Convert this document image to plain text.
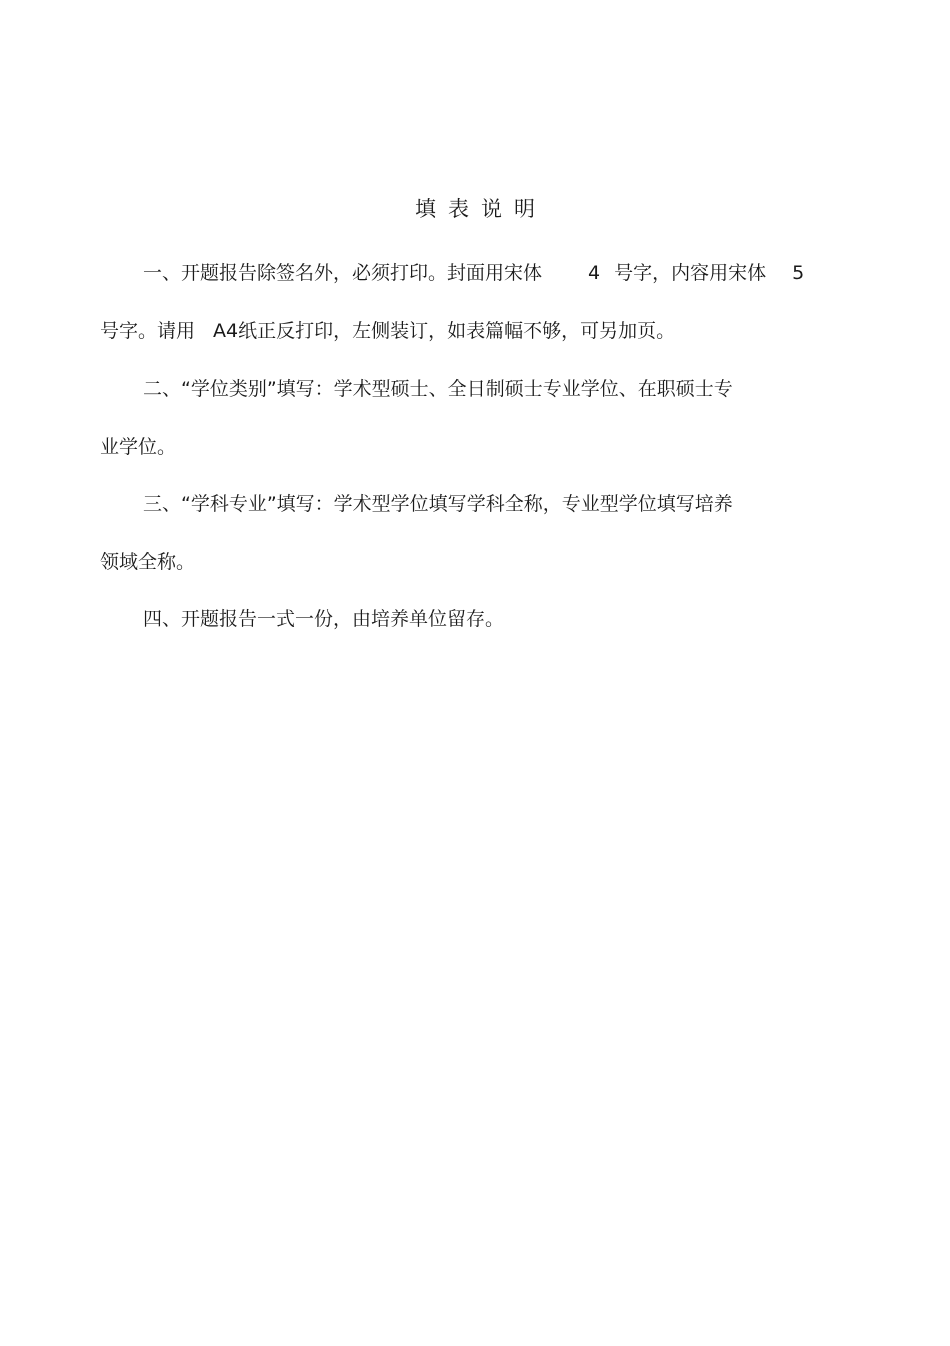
填表说明
一、开题报告除签名外，必须打印。封面用宋体 4 号字，内容用宋体 5
号字。请用 A4纸正反打印，左侧装订，如表篇幅不够，可另加页。
二、“学位类别”填写：学术型硕士、全日制硕士专业学位、在职硕士专
业学位。
三、“学科专业”填写：学术型学位填写学科全称，专业型学位填写培养
领域全称。
四、开题报告一式一份，由培养单位留存。
